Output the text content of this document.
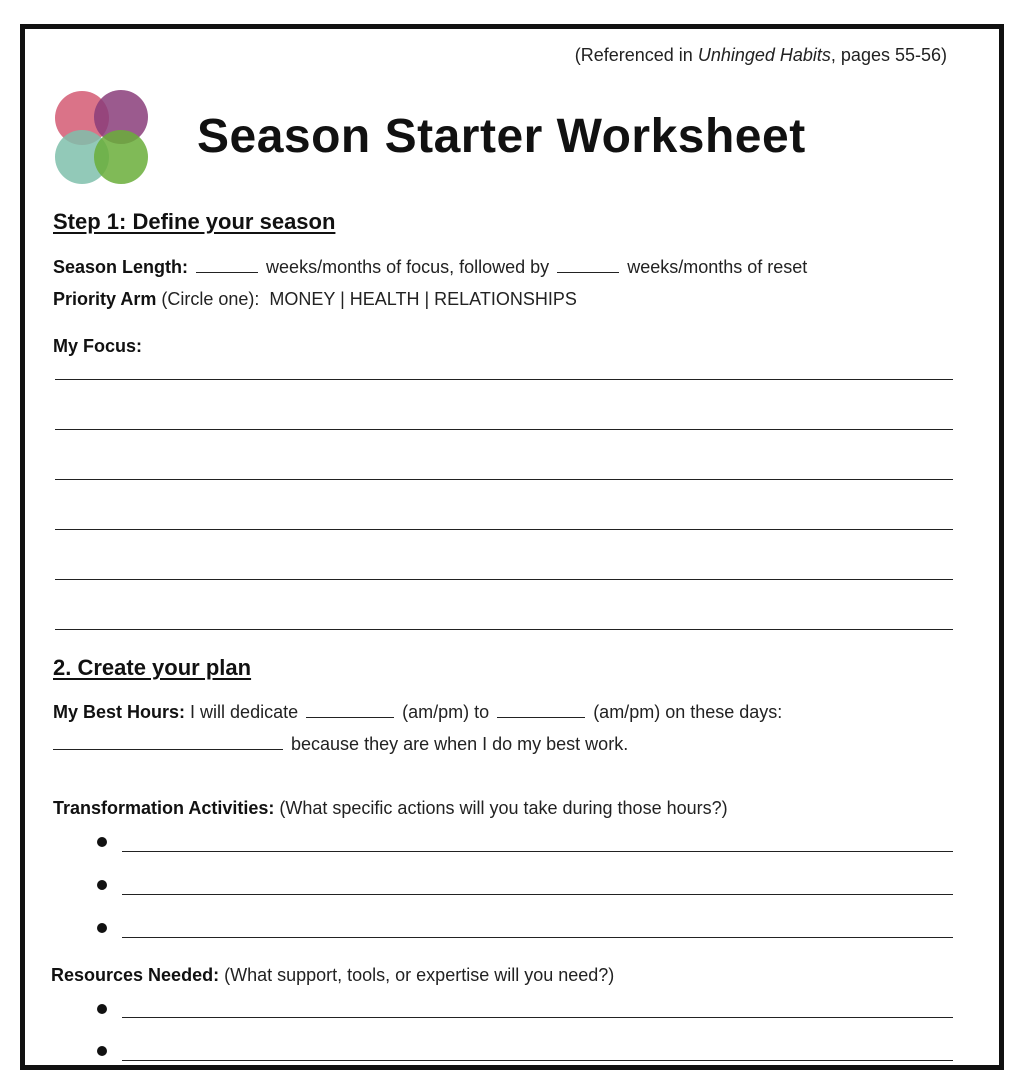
(Referenced in Unhinged Habits, pages 55-56)
Season Starter Worksheet
Step 1: Define your season
Season Length:	weeks/months of focus, followed by	weeks/months of reset
Priority Arm (Circle one): MONEY | HEALTH | RELATIONSHIPS
My Focus:
2. Create your plan
My Best Hours: I will dedicate	(am/pm) to	(am/pm) on these days:
because they are when I do my best work.
Transformation Activities: (What specific actions will you take during those hours?)
Resources Needed: (What support, tools, or expertise will you need?)
